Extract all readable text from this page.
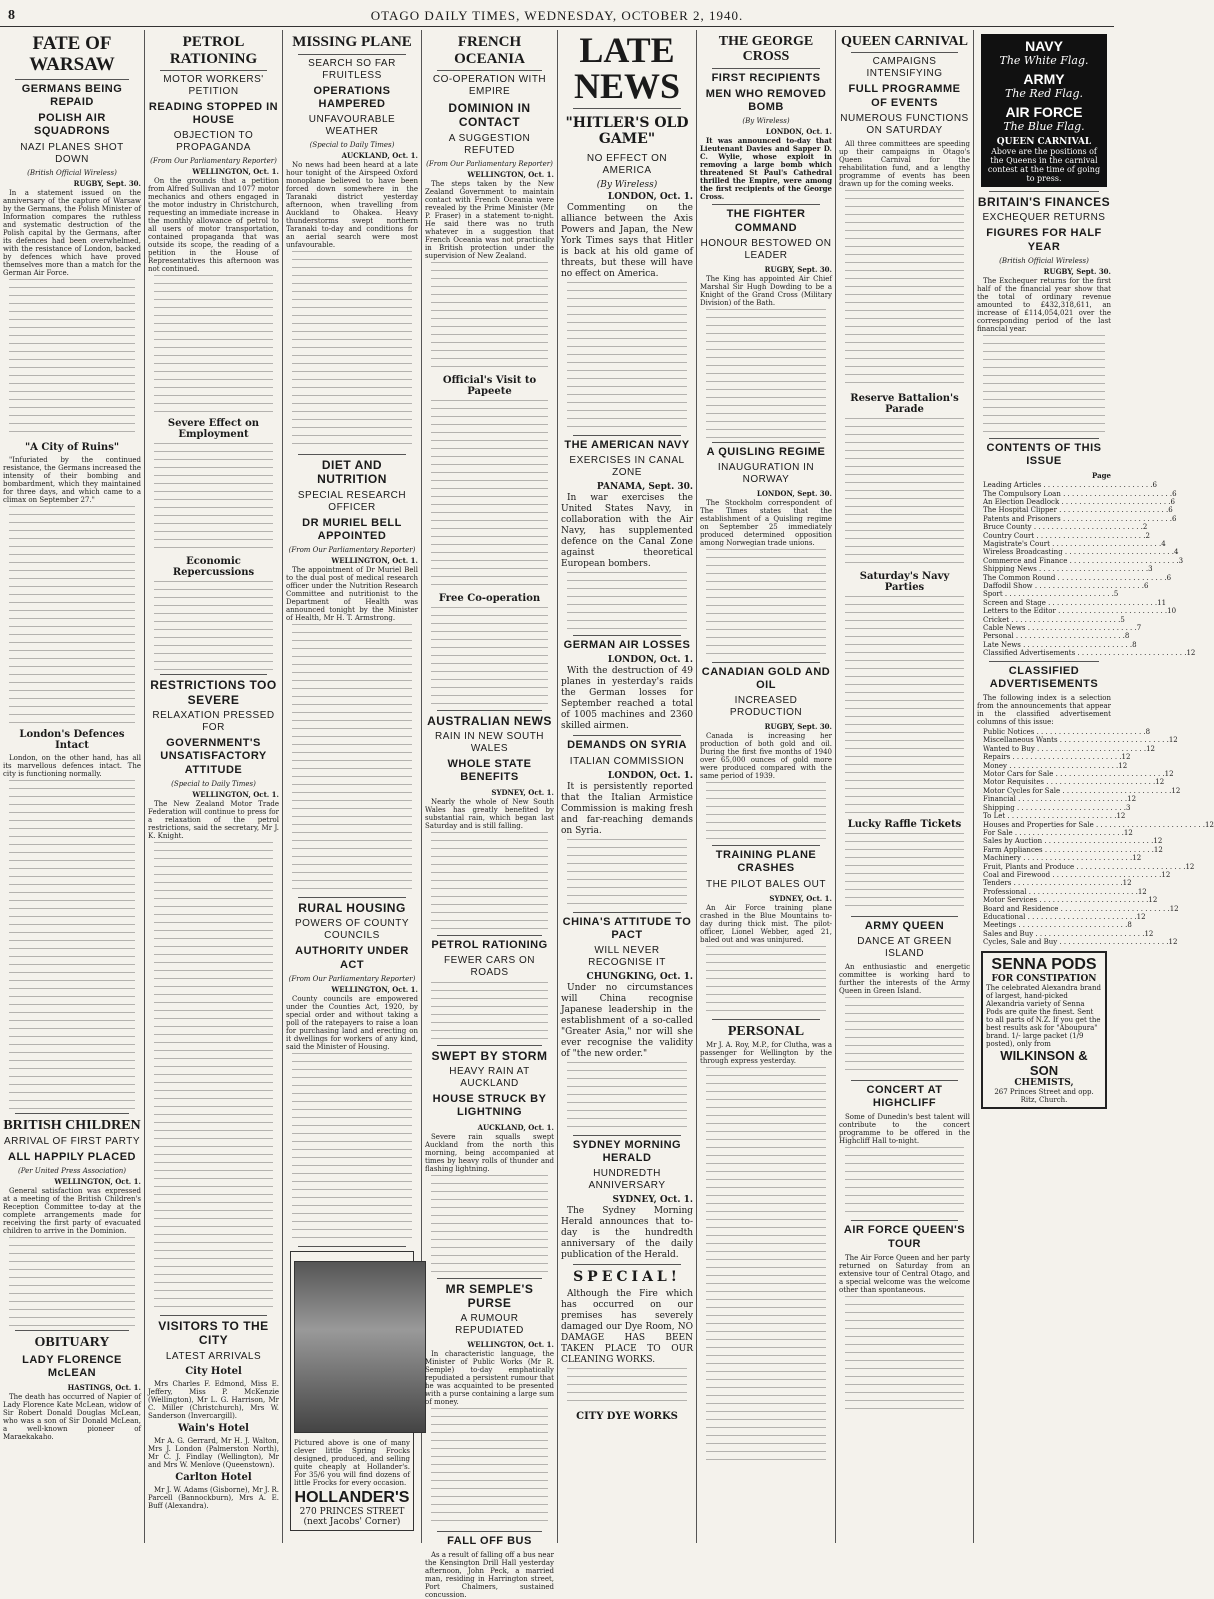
8	OTAGO DAILY TIMES, WEDNESDAY, OCTOBER 2, 1940.
FATE OF WARSAW
GERMANS BEING REPAID
POLISH AIR SQUADRONS
NAZI PLANES SHOT DOWN
(British Official Wireless)
RUGBY, Sept. 30.

In a statement issued on the anniversary of the capture of Warsaw by the Germans, the Polish Minister of Information compares the ruthless and systematic destruction of the Polish capital by the Germans, after its defences had been overwhelmed, with the resistance of London, backed by defences which have proved themselves more than a match for the German Air Force.

"A City of Ruins"

"Infuriated by the continued resistance, the Germans increased the intensity of their bombing and bombardment, which they maintained for three days, and which came to a climax on September 27."

London's Defences Intact

London, on the other hand, has all its marvellous defences intact. The city is functioning normally.

BRITISH CHILDREN
ARRIVAL OF FIRST PARTY
ALL HAPPILY PLACED
(Per United Press Association)
WELLINGTON, Oct. 1.

General satisfaction was expressed at a meeting of the British Children's Reception Committee to-day at the complete arrangements made for receiving the first party of evacuated children to arrive in the Dominion.

OBITUARY
LADY FLORENCE McLEAN
HASTINGS, Oct. 1.

The death has occurred of Napier of Lady Florence Kate McLean, widow of Sir Robert Donald Douglas McLean, who was a son of Sir Donald McLean, a well-known pioneer of Maraekakaho.

PETROL RATIONING
MOTOR WORKERS' PETITION
READING STOPPED IN HOUSE
OBJECTION TO PROPAGANDA
(From Our Parliamentary Reporter)
WELLINGTON, Oct. 1.

On the grounds that a petition from Alfred Sullivan and 1077 motor mechanics and others engaged in the motor industry in Christchurch, requesting an immediate increase in the monthly allowance of petrol to all users of motor transportation, contained propaganda that was outside its scope, the reading of a petition in the House of Representatives this afternoon was not continued.

Severe Effect on Employment
Economic Repercussions
RESTRICTIONS TOO SEVERE
RELAXATION PRESSED FOR
GOVERNMENT'S UNSATISFACTORY ATTITUDE
(Special to Daily Times)
WELLINGTON, Oct. 1.

The New Zealand Motor Trade Federation will continue to press for a relaxation of the petrol restrictions, said the secretary, Mr J. K. Knight.

VISITORS TO THE CITY
LATEST ARRIVALS
City Hotel

Mrs Charles F. Edmond, Miss E. Jeffery, Miss P. McKenzie (Wellington), Mr L. G. Harrison, Mr C. Miller (Christchurch), Mrs W. Sanderson (Invercargill).

Wain's Hotel

Mr A. G. Gerrard, Mr H. J. Walton, Mrs J. London (Palmerston North), Mr C. J. Findlay (Wellington), Mr and Mrs W. Menlove (Queenstown).

Carlton Hotel

Mr J. W. Adams (Gisborne), Mr J. R. Parcell (Bannockburn), Mrs A. E. Buff (Alexandra).

MISSING PLANE
SEARCH SO FAR FRUITLESS
OPERATIONS HAMPERED
UNFAVOURABLE WEATHER
(Special to Daily Times)
AUCKLAND, Oct. 1.

No news had been heard at a late hour tonight of the Airspeed Oxford monoplane believed to have been forced down somewhere in the Taranaki district yesterday afternoon, when travelling from Auckland to Ohakea. Heavy thunderstorms swept northern Taranaki to-day and conditions for an aerial search were most unfavourable.

DIET AND NUTRITION
SPECIAL RESEARCH OFFICER
DR MURIEL BELL APPOINTED
(From Our Parliamentary Reporter)
WELLINGTON, Oct. 1.

The appointment of Dr Muriel Bell to the dual post of medical research officer under the Nutrition Research Committee and nutritionist to the Department of Health was announced tonight by the Minister of Health, Mr H. T. Armstrong.

RURAL HOUSING
POWERS OF COUNTY COUNCILS
AUTHORITY UNDER ACT
(From Our Parliamentary Reporter)
WELLINGTON, Oct. 1.

County councils are empowered under the Counties Act, 1920, by special order and without taking a poll of the ratepayers to raise a loan for purchasing land and erecting on it dwellings for workers of any kind, said the Minister of Housing.

Pictured above is one of many clever little Spring Frocks designed, produced, and selling quite cheaply at Hollander's. For 35/6 you will find dozens of little Frocks for every occasion.

HOLLANDER'S
270 PRINCES STREET
(next Jacobs' Corner)
FRENCH OCEANIA
CO-OPERATION WITH EMPIRE
DOMINION IN CONTACT
A SUGGESTION REFUTED
(From Our Parliamentary Reporter)
WELLINGTON, Oct. 1.

The steps taken by the New Zealand Government to maintain contact with French Oceania were revealed by the Prime Minister (Mr P. Fraser) in a statement to-night. He said there was no truth whatever in a suggestion that French Oceania was not practically in British protection under the supervision of New Zealand.

Official's Visit to Papeete
Free Co-operation
AUSTRALIAN NEWS
RAIN IN NEW SOUTH WALES
WHOLE STATE BENEFITS
SYDNEY, Oct. 1.

Nearly the whole of New South Wales has greatly benefited by substantial rain, which began last Saturday and is still falling.

PETROL RATIONING
FEWER CARS ON ROADS
SWEPT BY STORM
HEAVY RAIN AT AUCKLAND
HOUSE STRUCK BY LIGHTNING
AUCKLAND, Oct. 1.

Severe rain squalls swept Auckland from the north this morning, being accompanied at times by heavy rolls of thunder and flashing lightning.

MR SEMPLE'S PURSE
A RUMOUR REPUDIATED
WELLINGTON, Oct. 1.

In characteristic language, the Minister of Public Works (Mr R. Semple) to-day emphatically repudiated a persistent rumour that he was acquainted to be presented with a purse containing a large sum of money.

FALL OFF BUS

As a result of falling off a bus near the Kensington Drill Hall yesterday afternoon, John Peck, a married man, residing in Harrington street, Port Chalmers, sustained concussion.

LATE NEWS
"HITLER'S OLD GAME"
NO EFFECT ON AMERICA
(By Wireless)
LONDON, Oct. 1.

Commenting on the alliance between the Axis Powers and Japan, the New York Times says that Hitler is back at his old game of threats, but these will have no effect on America.

THE AMERICAN NAVY
EXERCISES IN CANAL ZONE
PANAMA, Sept. 30.

In war exercises the United States Navy, in collaboration with the Air Navy, has supplemented defence on the Canal Zone against theoretical European bombers.

GERMAN AIR LOSSES
LONDON, Oct. 1.

With the destruction of 49 planes in yesterday's raids the German losses for September reached a total of 1005 machines and 2360 skilled airmen.

DEMANDS ON SYRIA
ITALIAN COMMISSION
LONDON, Oct. 1.

It is persistently reported that the Italian Armistice Commission is making fresh and far-reaching demands on Syria.

CHINA'S ATTITUDE TO PACT
WILL NEVER RECOGNISE IT
CHUNGKING, Oct. 1.

Under no circumstances will China recognise Japanese leadership in the establishment of a so-called "Greater Asia," nor will she ever recognise the validity of "the new order."

SYDNEY MORNING HERALD
HUNDREDTH ANNIVERSARY
SYDNEY, Oct. 1.

The Sydney Morning Herald announces that to-day is the hundredth anniversary of the daily publication of the Herald.

SPECIAL!

Although the Fire which has occurred on our premises has severely damaged our Dye Room, NO DAMAGE HAS BEEN TAKEN PLACE TO OUR CLEANING WORKS.

CITY DYE WORKS
THE GEORGE CROSS
FIRST RECIPIENTS
MEN WHO REMOVED BOMB
(By Wireless)
LONDON, Oct. 1.

It was announced to-day that Lieutenant Davies and Sapper D. C. Wylie, whose exploit in removing a large bomb which threatened St Paul's Cathedral thrilled the Empire, were among the first recipients of the George Cross.

THE FIGHTER COMMAND
HONOUR BESTOWED ON LEADER
RUGBY, Sept. 30.

The King has appointed Air Chief Marshal Sir Hugh Dowding to be a Knight of the Grand Cross (Military Division) of the Bath.

A QUISLING REGIME
INAUGURATION IN NORWAY
LONDON, Sept. 30.

The Stockholm correspondent of The Times states that the establishment of a Quisling regime on September 25 immediately produced determined opposition among Norwegian trade unions.

CANADIAN GOLD AND OIL
INCREASED PRODUCTION
RUGBY, Sept. 30.

Canada is increasing her production of both gold and oil. During the first five months of 1940 over 65,000 ounces of gold more were produced compared with the same period of 1939.

TRAINING PLANE CRASHES
THE PILOT BALES OUT
SYDNEY, Oct. 1.

An Air Force training plane crashed in the Blue Mountains to-day during thick mist. The pilot-officer, Lionel Webber, aged 21, baled out and was uninjured.

PERSONAL

Mr J. A. Roy, M.P., for Clutha, was a passenger for Wellington by the through express yesterday.

QUEEN CARNIVAL
CAMPAIGNS INTENSIFYING
FULL PROGRAMME OF EVENTS
NUMEROUS FUNCTIONS ON SATURDAY

All three committees are speeding up their campaigns in Otago's Queen Carnival for the rehabilitation fund, and a lengthy programme of events has been drawn up for the coming weeks.

Reserve Battalion's Parade
Saturday's Navy Parties
Lucky Raffle Tickets
ARMY QUEEN
DANCE AT GREEN ISLAND

An enthusiastic and energetic committee is working hard to further the interests of the Army Queen in Green Island.

CONCERT AT HIGHCLIFF

Some of Dunedin's best talent will contribute to the concert programme to be offered in the Highcliff Hall to-night.

AIR FORCE QUEEN'S TOUR

The Air Force Queen and her party returned on Saturday from an extensive tour of Central Otago, and a special welcome was the welcome other than spontaneous.

NAVY
The White Flag.
ARMY
The Red Flag.
AIR FORCE
The Blue Flag.
QUEEN CARNIVAL
Above are the positions of the Queens in the carnival contest at the time of going to press.
BRITAIN'S FINANCES
EXCHEQUER RETURNS
FIGURES FOR HALF YEAR
(British Official Wireless)
RUGBY, Sept. 30.

The Exchequer returns for the first half of the financial year show that the total of ordinary revenue amounted to £432,318,611, an increase of £114,054,021 over the corresponding period of the last financial year.

CONTENTS OF THIS ISSUE
Page
Leading Articles . . .	6
The Compulsory Loan . . .	6
An Election Deadlock . . .	6
The Hospital Clipper . . .	6
Patents and Prisoners . . .	6
Bruce County . . .	2
Country Court . . .	2
Magistrate's Court . . .	4
Wireless Broadcasting . . .	4
Commerce and Finance . . .	3
Shipping News . . .	3
The Common Round . . .	6
Daffodil Show . . .	6
Sport . . .	5
Screen and Stage . . .	11
Letters to the Editor . . .	10
Cricket . . .	5
Cable News . . .	7
Personal . . .	8
Late News . . .	8
Classified Advertisements . . .	12
CLASSIFIED ADVERTISEMENTS

The following index is a selection from the announcements that appear in the classified advertisement columns of this issue:

Public Notices . . .	8
Miscellaneous Wants . . .	12
Wanted to Buy . . .	12
Repairs . . .	12
Money . . .	12
Motor Cars for Sale . . .	12
Motor Requisites . . .	12
Motor Cycles for Sale . . .	12
Financial . . .	12
Shipping . . .	3
To Let . . .	12
Houses and Properties for Sale . . .	12
For Sale . . .	12
Sales by Auction . . .	12
Farm Appliances . . .	12
Machinery . . .	12
Fruit, Plants and Produce . . .	12
Coal and Firewood . . .	12
Tenders . . .	12
Professional . . .	12
Motor Services . . .	12
Board and Residence . . .	12
Educational . . .	12
Meetings . . .	8
Sales and Buy . . .	12
Cycles, Sale and Buy . . .	12
SENNA PODS
FOR CONSTIPATION
The celebrated Alexandra brand of largest, hand-picked Alexandria variety of Senna Pods are quite the finest. Sent to all parts of N.Z. If you get the best results ask for "Aboupura" brand. 1/- large packet (1/9 posted), only from
WILKINSON & SON
CHEMISTS,
267 Princes Street and opp. Ritz, Church.
